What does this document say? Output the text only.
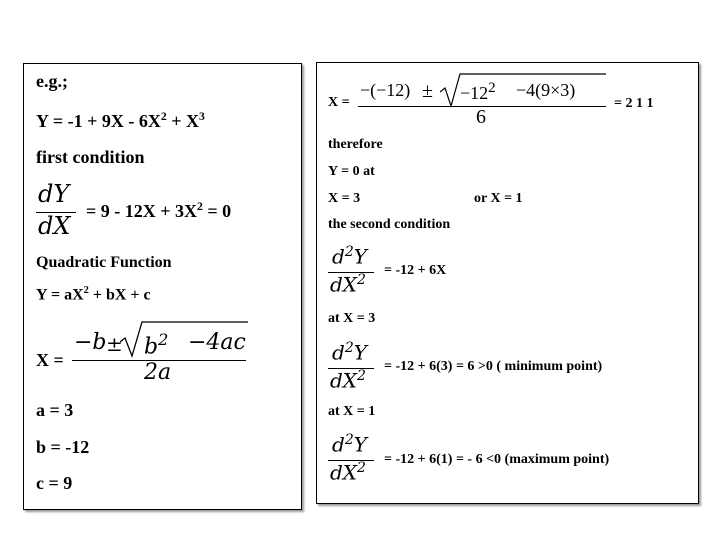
e.g.;
$Y = -1 + 9X - 6X^2 + X^3$
first condition
dY
dX
= $9 - 12X + 3X^2 = 0$
Quadratic Function
$Y = aX^2$ + bX + c
X =
$-b \pm b^2 -4ac$
2a
a = 3
b = -12
c = 9
X =
$-(-12) \pm -12^2 -4(9\times 3)$
6
= 2 1 1
therefore
Y = 0 at
X = 3	or X = 1
the second condition
$d^2Y$
$dX^2$
= -12 + 6X
at X = 3
$d^2Y$
$dX^2$
= -12 + 6(3) = 6 >0 ( minimum point)
at X = 1
$d^2Y$
$dX^2$
= -12 + 6(1) = - 6 <0 (maximum point)
